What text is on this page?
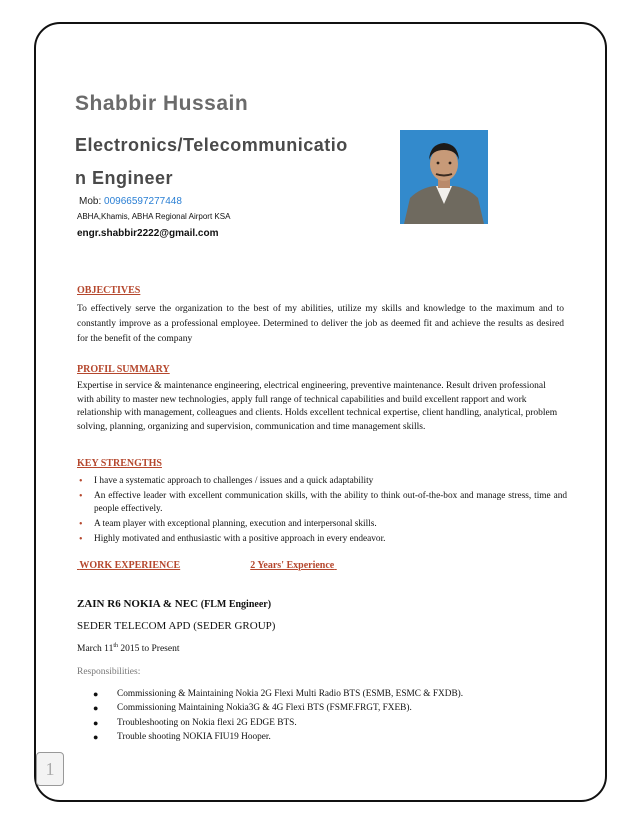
Shabbir Hussain
Electronics/Telecommunicatio
n Engineer
Mob: 00966597277448
ABHA,Khamis, ABHA Regional Airport KSA
engr.shabbir2222@gmail.com
OBJECTIVES
To effectively serve the organization to the best of my abilities, utilize my skills and knowledge to the maximum and to constantly improve as a professional employee. Determined to deliver the job as deemed fit and achieve the results as desired for the benefit of the company
PROFIL SUMMARY
Expertise in service & maintenance engineering, electrical engineering, preventive maintenance. Result driven professional with ability to master new technologies, apply full range of technical capabilities and build excellent rapport and work relationship with management, colleagues and clients. Holds excellent technical expertise, client handling, analytical, problem solving, planning, organizing and supervision, communication and time management skills.
KEY STRENGTHS
• I have a systematic approach to challenges / issues and a quick adaptability
• An effective leader with excellent communication skills, with the ability to think out-of-the-box and manage stress, time and people effectively.
• A team player with exceptional planning, execution and interpersonal skills.
• Highly motivated and enthusiastic with a positive approach in every endeavor.
WORK EXPERIENCE	2 Years' Experience
ZAIN R6 NOKIA & NEC (FLM Engineer)
SEDER TELECOM APD (SEDER GROUP)
March 11th 2015 to Present
Responsibilities:
● Commissioning & Maintaining Nokia 2G Flexi Multi Radio BTS (ESMB, ESMC & FXDB).
● Commissioning Maintaining Nokia3G & 4G Flexi BTS (FSMF.FRGT, FXEB).
● Troubleshooting on Nokia flexi 2G EDGE BTS.
● Trouble shooting NOKIA FIU19 Hooper.
1
